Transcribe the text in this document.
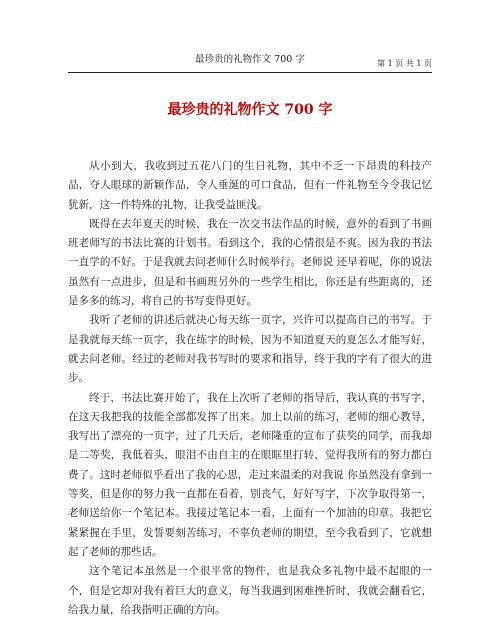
最珍贵的礼物作文 700 字	第 1 页 共 1 页
最珍贵的礼物作文 700 字

从小到大，我收到过五花八门的生日礼物，其中不乏一下昂贵的科技产品，夺人眼球的新颖作品，令人垂涎的可口食品，但有一件礼物至今令我记忆犹新，这一件特殊的礼物，让我受益匪浅。

既得在去年夏天的时候，我在一次交书法作品的时候，意外的看到了书画班老师写的书法比赛的计划书。看到这个，我的心情很是不爽。因为我的书法一直学的不好。于是我就去问老师什么时候举行。老师说 还早着呢，你的说法虽然有一点进步，但是和书画班另外的一些学生相比，你还是有些距离的，还是多多的练习，将自己的书写变得更好。

我听了老师的讲述后就决心每天练一页字，兴许可以提高自己的书写。于是我就每天练一页字，我在练字的时候，因为不知道夏天的夏怎么才能写好，就去问老师。经过的老师对我书写时的要求和指导，终于我的字有了很大的进步。

终于，书法比赛开始了，我在上次听了老师的指导后，我认真的书写字，在这天我把我的技能全部都发挥了出来。加上以前的练习，老师的细心教导，我写出了漂亮的一页字，过了几天后，老师隆重的宣布了获奖的同学，而我却是二等奖，我低着头，眼泪不由自主的在眼眶里打转，觉得我所有的努力都白费了。这时老师似乎看出了我的心思，走过来温柔的对我说 你虽然没有拿到一等奖，但是你的努力我一直都在看着，别丧气，好好写字，下次争取得第一，老师送给你一个笔记本。我接过笔记本一看，上面有一个加油的印章。我把它紧紧握在手里，发誓要刻苦练习，不辜负老师的期望，至今我看到了，它就想起了老师的那些话。

这个笔记本虽然是一个很平常的物件，也是我众多礼物中最不起眼的一个，但是它却对我有着巨大的意义，每当我遇到困难挫折时，我就会翻看它，给我力量，给我指明正确的方向。
